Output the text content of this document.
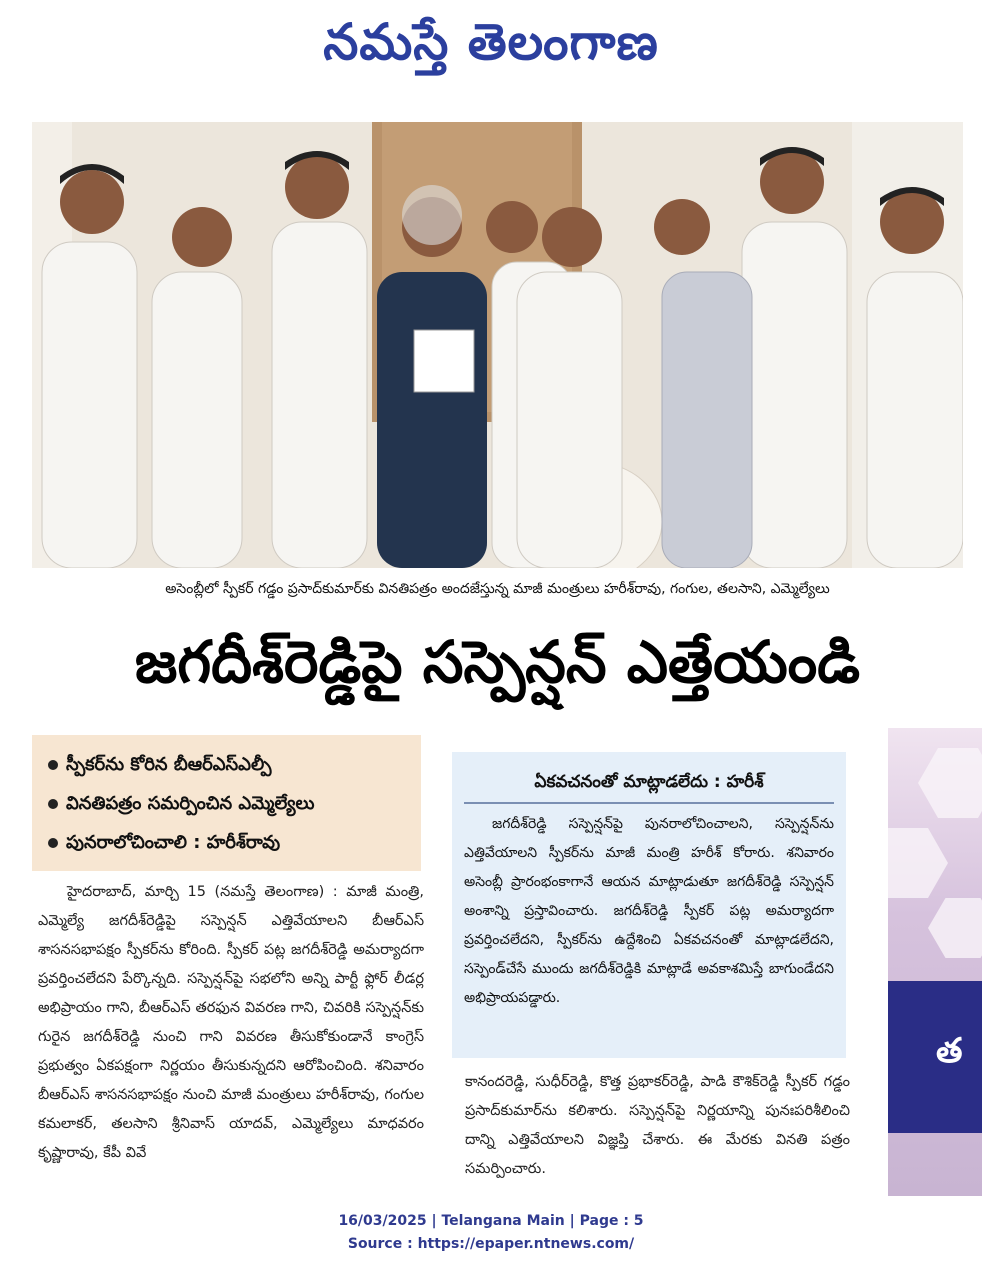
నమస్తే తెలంగాణ
అసెంబ్లీలో స్పీకర్ గడ్డం ప్రసాద్‌కుమార్‌కు వినతిపత్రం అందజేస్తున్న మాజీ మంత్రులు హరీశ్‌రావు, గంగుల, తలసాని, ఎమ్మెల్యేలు
జగదీశ్‌రెడ్డిపై సస్పెన్షన్ ఎత్తేయండి
స్పీకర్‌ను కోరిన బీఆర్‌ఎస్‌ఎల్పీ
వినతిపత్రం సమర్పించిన ఎమ్మెల్యేలు
పునరాలోచించాలి : హరీశ్‌రావు

హైదరాబాద్, మార్చి 15 (నమస్తే తెలంగాణ) : మాజీ మంత్రి, ఎమ్మెల్యే జగదీశ్‌రెడ్డిపై సస్పెన్షన్ ఎత్తివేయాలని బీఆర్‌ఎస్ శాసనసభాపక్షం స్పీకర్‌ను కోరింది. స్పీకర్ పట్ల జగదీశ్‌రెడ్డి అమర్యాదగా ప్రవర్తించలేదని పేర్కొన్నది. సస్పెన్షన్‌పై సభలోని అన్ని పార్టీ ఫ్లోర్ లీడర్ల అభిప్రాయం గాని, బీఆర్‌ఎస్ తరఫున వివరణ గాని, చివరికి సస్పెన్షన్‌కు గురైన జగదీశ్‌రెడ్డి నుంచి గాని వివరణ తీసుకోకుండానే కాంగ్రెస్ ప్రభుత్వం ఏకపక్షంగా నిర్ణయం తీసుకున్నదని ఆరోపించింది. శనివారం బీఆర్‌ఎస్ శాసనసభాపక్షం నుంచి మాజీ మంత్రులు హరీశ్‌రావు, గంగుల కమలాకర్, తలసాని శ్రీనివాస్ యాదవ్, ఎమ్మెల్యేలు మాధవరం కృష్ణారావు, కేపీ వివే

ఏకవచనంతో మాట్లాడలేదు : హరీశ్
జగదీశ్‌రెడ్డి సస్పెన్షన్‌పై పునరాలోచించాలని, సస్పెన్షన్‌ను ఎత్తివేయాలని స్పీకర్‌ను మాజీ మంత్రి హరీశ్ కోరారు. శనివారం అసెంబ్లీ ప్రారంభంకాగానే ఆయన మాట్లాడుతూ జగదీశ్‌రెడ్డి సస్పెన్షన్ అంశాన్ని ప్రస్తావించారు. జగదీశ్‌రెడ్డి స్పీకర్ పట్ల అమర్యాదగా ప్రవర్తించలేదని, స్పీకర్‌ను ఉద్దేశించి ఏకవచనంతో మాట్లాడలేదని, సస్పెండ్‌చేసే ముందు జగదీశ్‌రెడ్డికి మాట్లాడే అవకాశమిస్తే బాగుండేదని అభిప్రాయపడ్డారు.

కానందరెడ్డి, సుధీర్‌రెడ్డి, కొత్త ప్రభాకర్‌రెడ్డి, పాడి కౌశిక్‌రెడ్డి స్పీకర్ గడ్డం ప్రసాద్‌కుమార్‌ను కలిశారు. సస్పెన్షన్‌పై నిర్ణయాన్ని పునఃపరిశీలించి దాన్ని ఎత్తివేయాలని విజ్ఞప్తి చేశారు. ఈ మేరకు వినతి పత్రం సమర్పించారు.

త
16/03/2025 | Telangana Main | Page : 5
Source : https://epaper.ntnews.com/
